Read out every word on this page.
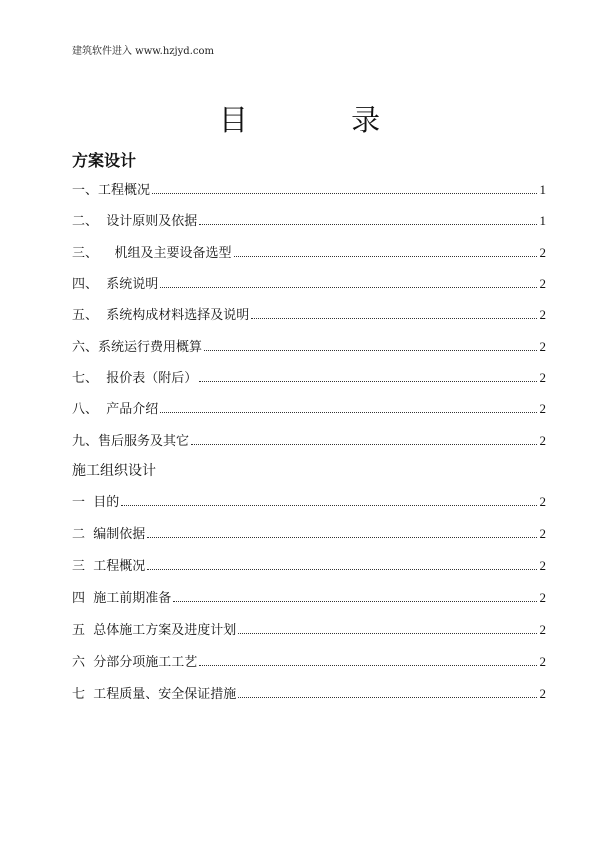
建筑软件进入 www.hzjyd.com
目          录
方案设计
一、工程概况	1
二、  设计原则及依据	1
三、    机组及主要设备选型	2
四、  系统说明	2
五、  系统构成材料选择及说明	2
六、系统运行费用概算	2
七、  报价表（附后）	2
八、  产品介绍	2
九、售后服务及其它	2
施工组织设计
一  目的	2
二  编制依据	2
三  工程概况	2
四  施工前期准备	2
五  总体施工方案及进度计划	2
六  分部分项施工工艺	2
七  工程质量、安全保证措施	2
